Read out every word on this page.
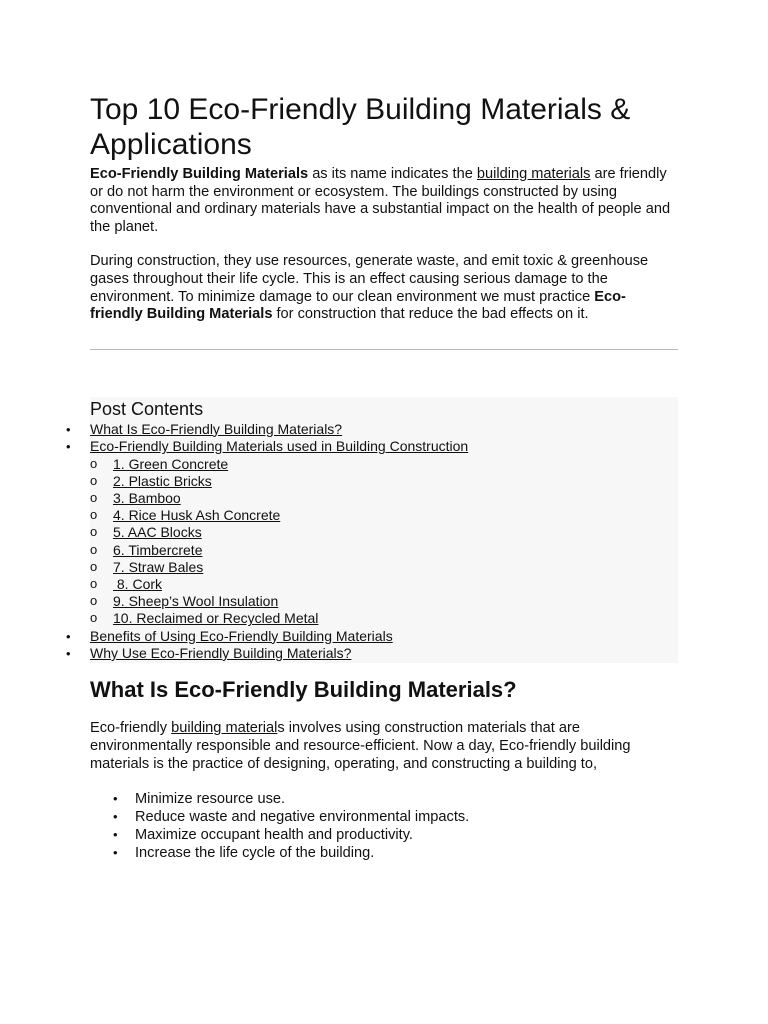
Top 10 Eco-Friendly Building Materials & Applications

Eco-Friendly Building Materials as its name indicates the building materials are friendly or do not harm the environment or ecosystem. The buildings constructed by using conventional and ordinary materials have a substantial impact on the health of people and the planet.

During construction, they use resources, generate waste, and emit toxic & greenhouse gases throughout their life cycle. This is an effect causing serious damage to the environment. To minimize damage to our clean environment we must practice Eco-friendly Building Materials for construction that reduce the bad effects on it.

Post Contents
• What Is Eco-Friendly Building Materials?
• Eco-Friendly Building Materials used in Building Construction
o 1. Green Concrete
o 2. Plastic Bricks
o 3. Bamboo
o 4. Rice Husk Ash Concrete
o 5. AAC Blocks
o 6. Timbercrete
o 7. Straw Bales
o 8. Cork
o 9. Sheep’s Wool Insulation
o 10. Reclaimed or Recycled Metal
• Benefits of Using Eco-Friendly Building Materials
• Why Use Eco-Friendly Building Materials?
What Is Eco-Friendly Building Materials?

Eco-friendly building materials involves using construction materials that are environmentally responsible and resource-efficient. Now a day, Eco-friendly building materials is the practice of designing, operating, and constructing a building to,

• Minimize resource use.
• Reduce waste and negative environmental impacts.
• Maximize occupant health and productivity.
• Increase the life cycle of the building.
